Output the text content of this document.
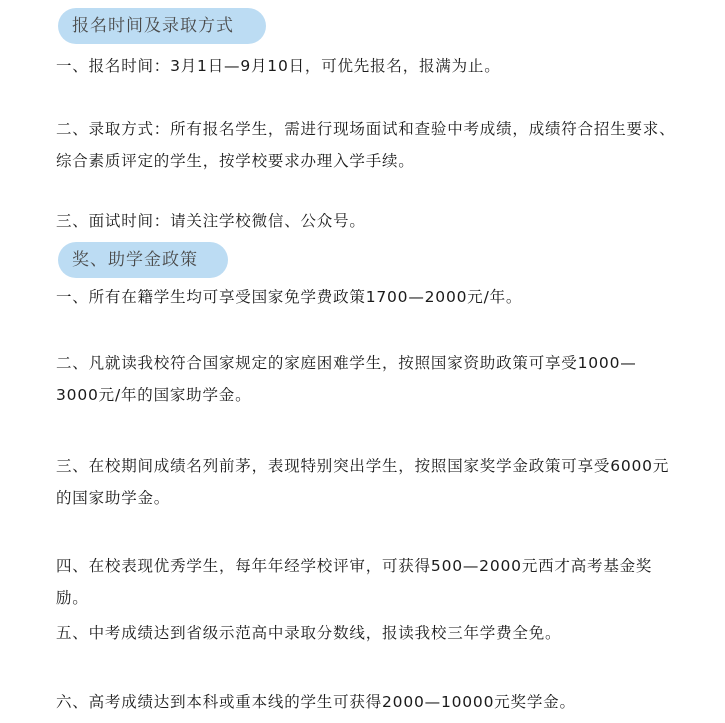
报名时间及录取方式

一、报名时间：3月1日—9月10日，可优先报名，报满为止。

二、录取方式：所有报名学生，需进行现场面试和查验中考成绩，成绩符合招生要求、综合素质评定的学生，按学校要求办理入学手续。

三、面试时间：请关注学校微信、公众号。

奖、助学金政策

一、所有在籍学生均可享受国家免学费政策1700—2000元/年。

二、凡就读我校符合国家规定的家庭困难学生，按照国家资助政策可享受1000—3000元/年的国家助学金。

三、在校期间成绩名列前茅，表现特别突出学生，按照国家奖学金政策可享受6000元的国家助学金。

四、在校表现优秀学生，每年年经学校评审，可获得500—2000元西才高考基金奖励。

五、中考成绩达到省级示范高中录取分数线，报读我校三年学费全免。

六、高考成绩达到本科或重本线的学生可获得2000—10000元奖学金。
